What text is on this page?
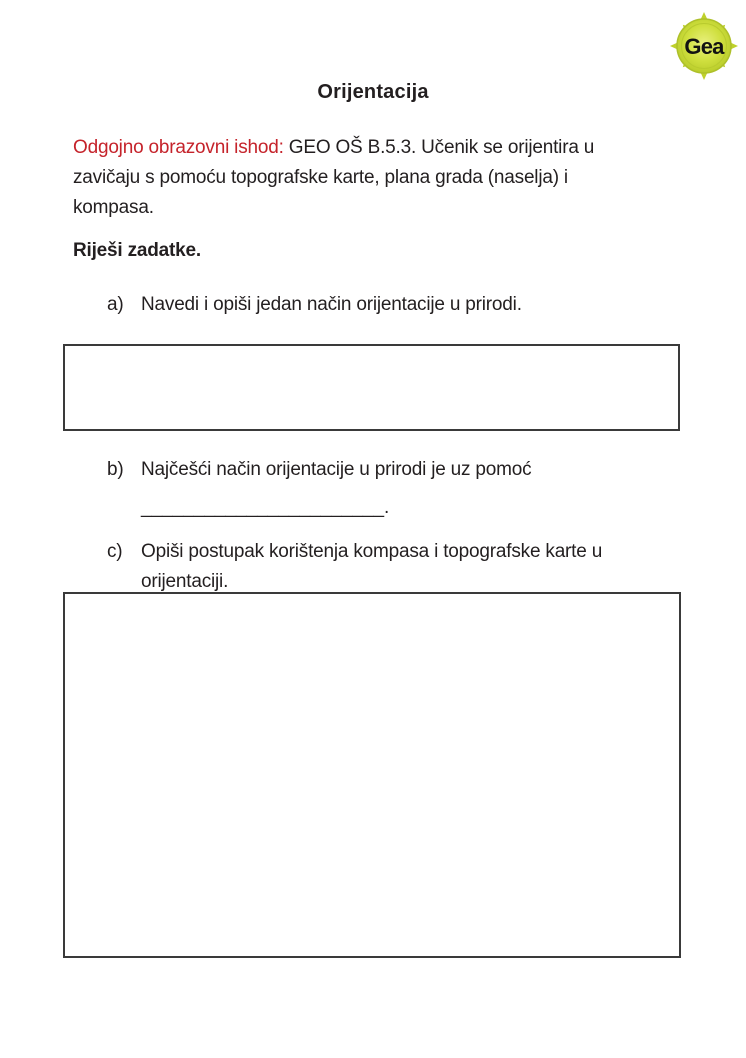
Gea
Orijentacija
Odgojno obrazovni ishod: GEO OŠ B.5.3. Učenik se orijentira u
zavičaju s pomoću topografske karte, plana grada (naselja) i
kompasa.
Riješi zadatke.
a) Navedi i opiši jedan način orijentacije u prirodi.
b) Najčešći način orijentacije u prirodi je uz pomoć
_______________________.
c) Opiši postupak korištenja kompasa i topografske karte u
orijentaciji.
